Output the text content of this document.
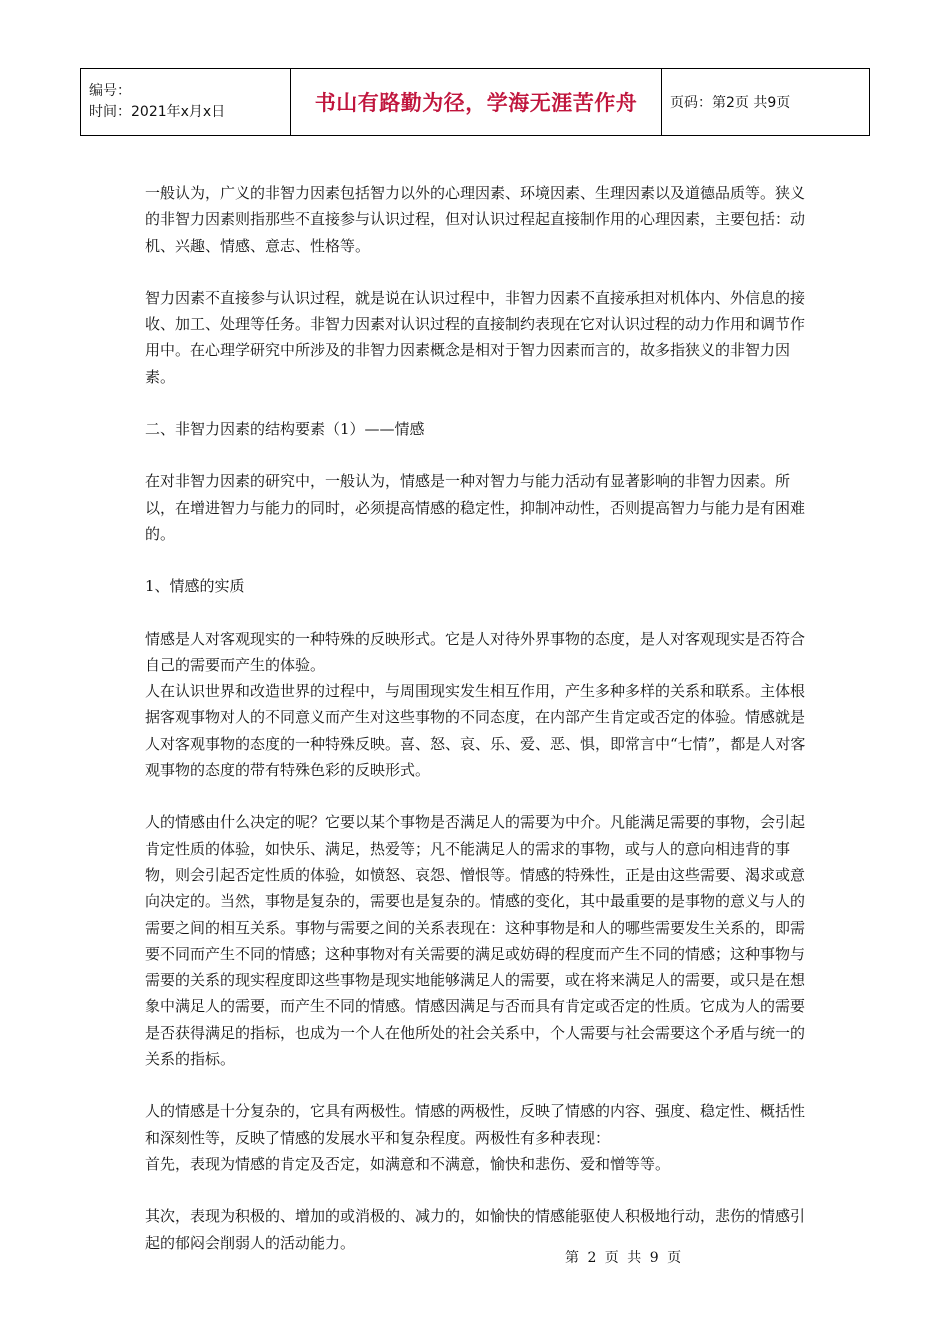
编号：
时间：2021年x月x日	书山有路勤为径，学海无涯苦作舟	页码：第2页 共9页

一般认为，广义的非智力因素包括智力以外的心理因素、环境因素、生理因素以及道德品质等。狭义的非智力因素则指那些不直接参与认识过程，但对认识过程起直接制作用的心理因素，主要包括：动机、兴趣、情感、意志、性格等。

智力因素不直接参与认识过程，就是说在认识过程中，非智力因素不直接承担对机体内、外信息的接收、加工、处理等任务。非智力因素对认识过程的直接制约表现在它对认识过程的动力作用和调节作用中。在心理学研究中所涉及的非智力因素概念是相对于智力因素而言的，故多指狭义的非智力因素。

二、非智力因素的结构要素（1）——情感

在对非智力因素的研究中，一般认为，情感是一种对智力与能力活动有显著影响的非智力因素。所以，在增进智力与能力的同时，必须提高情感的稳定性，抑制冲动性，否则提高智力与能力是有困难的。

1、情感的实质

情感是人对客观现实的一种特殊的反映形式。它是人对待外界事物的态度，是人对客观现实是否符合自己的需要而产生的体验。

人在认识世界和改造世界的过程中，与周围现实发生相互作用，产生多种多样的关系和联系。主体根据客观事物对人的不同意义而产生对这些事物的不同态度，在内部产生肯定或否定的体验。情感就是人对客观事物的态度的一种特殊反映。喜、怒、哀、乐、爱、恶、惧，即常言中“七情”，都是人对客观事物的态度的带有特殊色彩的反映形式。

人的情感由什么决定的呢？它要以某个事物是否满足人的需要为中介。凡能满足需要的事物，会引起肯定性质的体验，如快乐、满足，热爱等；凡不能满足人的需求的事物，或与人的意向相违背的事物，则会引起否定性质的体验，如愤怒、哀怨、憎恨等。情感的特殊性，正是由这些需要、渴求或意向决定的。当然，事物是复杂的，需要也是复杂的。情感的变化，其中最重要的是事物的意义与人的需要之间的相互关系。事物与需要之间的关系表现在：这种事物是和人的哪些需要发生关系的，即需要不同而产生不同的情感；这种事物对有关需要的满足或妨碍的程度而产生不同的情感；这种事物与需要的关系的现实程度即这些事物是现实地能够满足人的需要，或在将来满足人的需要，或只是在想象中满足人的需要，而产生不同的情感。情感因满足与否而具有肯定或否定的性质。它成为人的需要是否获得满足的指标，也成为一个人在他所处的社会关系中，个人需要与社会需要这个矛盾与统一的关系的指标。

人的情感是十分复杂的，它具有两极性。情感的两极性，反映了情感的内容、强度、稳定性、概括性和深刻性等，反映了情感的发展水平和复杂程度。两极性有多种表现：

首先，表现为情感的肯定及否定，如满意和不满意，愉快和悲伤、爱和憎等等。

其次，表现为积极的、增加的或消极的、减力的，如愉快的情感能驱使人积极地行动，悲伤的情感引起的郁闷会削弱人的活动能力。

第 2 页 共 9 页
